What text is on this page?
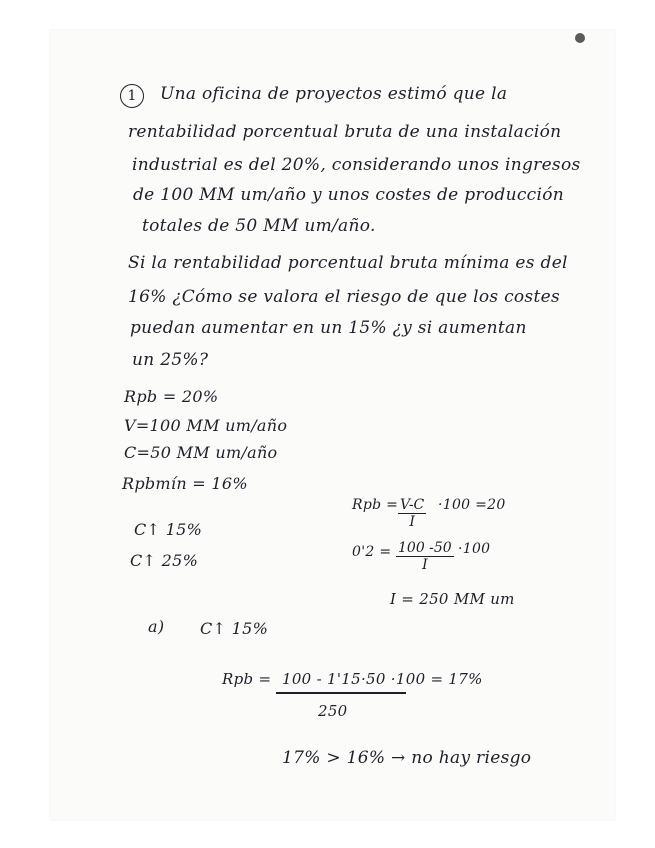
1	Una oficina de proyectos estimó que la
rentabilidad porcentual bruta de una instalación
industrial es del 20%, considerando unos ingresos
de 100 MM um/año y unos costes de producción
totales de 50 MM um/año.
Si la rentabilidad porcentual bruta mínima es del
16% ¿Cómo se valora el riesgo de que los costes
puedan aumentar en un 15% ¿y si aumentan
un 25%?
Rpb = 20%
V=100 MM um/año
C=50 MM um/año
Rpbmín = 16%
C↑ 15%
C↑ 25%
Rpb = $\frac{V-C}{I} \cdot 100 =20$
$0'2 = \frac{100 -50}{I} \cdot 100$
I = 250 MM um
a) C↑ 15%
Rpb = 100 - 1'15·50 ·100 = 17%
250
17% > 16% → no hay riesgo
